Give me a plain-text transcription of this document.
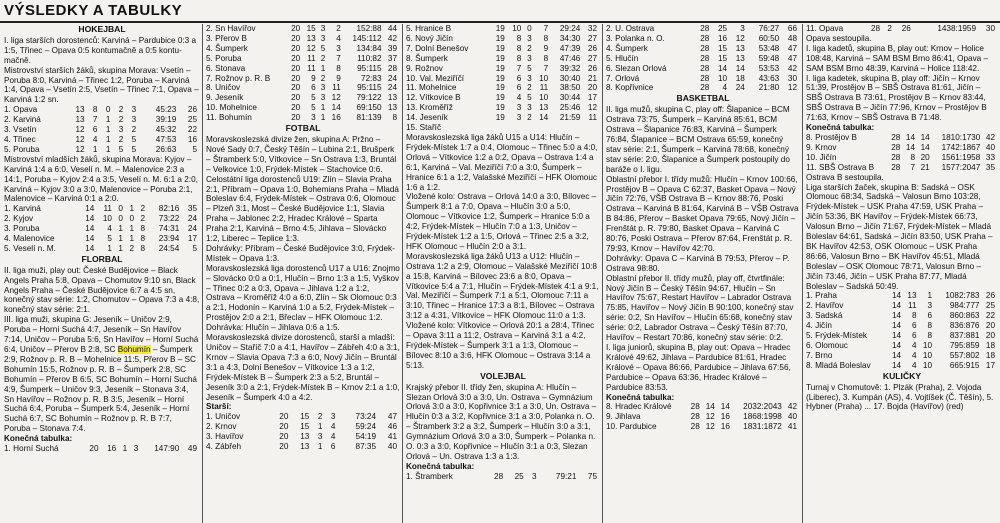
VÝSLEDKY A TABULKY

HOKEJBAL

I. liga starších dorostenců: Karviná – Pardubice 0:3 a 1:5, Třinec – Opava 0:5 kontumačně a 0:5 kontu-mačně.

Mistrovství starších žáků, skupina Morava: Vsetín – Poruba 8:0, Karviná – Třinec 1:2, Poruba – Karviná 1:4, Opava – Vsetín 2:5, Vsetín – Třinec 7:1, Opava – Karviná 1:2 sn.

1. Opava	13	8	0	2	3	45:23	26
2. Karviná	13	7	1	2	3	39:19	25
3. Vsetín	12	6	1	3	2	45:32	22
4. Třinec	12	4	1	2	5	47:53	16
5. Poruba	12	1	1	5	5	26:63	5

Mistrovství mladších žáků, skupina Morava: Kyjov – Karviná 1:4 a 6:0, Veselí n. M. – Malenovice 2:3 a 14:1, Poruba – Kyjov 2:4 a 3:5, Veselí n. M. 6:1 a 2:0, Karviná – Kyjov 3:0 a 3:0, Malenovice – Poruba 2:1, Malenovice – Karviná 0:1 a 2:0.

1. Karviná	14	11	0	1	2	82:16	35
2. Kyjov	14	10	0	0	2	73:22	24
3. Poruba	14	4	1	1	8	74:31	24
4. Malenovice	14	5	1	1	8	23:94	17
5. Veselí n. M.	14	1	1	2	8	24:54	5

FLORBAL

II. liga muži, play out: České Budějovice – Black Angels Praha 5:8, Opava – Chomutov 9:10 sn, Black Angels Praha – České Budějovice 6:7 a 4:5 sn, konečný stav série: 1:2, Chomutov – Opava 7:3 a 4:8, konečný stav série: 2:1.

III. liga muži, skupina G: Jeseník – Uničov 2:9, Poruba – Horní Suchá 4:7, Jeseník – Sn Havířov 7:14, Uničov – Poruba 5:6, Sn Havířov – Horní Suchá 6:4, Uničov – Přerov B 2:8, SC Bohumín – Šumperk 2:9, Rožnov p. R. B – Mohelnice 11:5, Přerov B – SC Bohumín 15:5, Rožnov p. R. B – Šumperk 2:8, SC Bohumín – Přerov B 6:5, SC Bohumín – Horní Suchá 4:9, Šumperk – Uničov 9:3, Jeseník – Stonava 3:4, Sn Havířov – Rožnov p. R. B 3:5, Jeseník – Horní Suchá 6:4, Poruba – Šumperk 5:4, Jeseník – Horní Suchá 6:7, SC Bohumín – Rožnov p. R. B 7:7, Poruba – Stonava 7:4.

Konečná tabulka:

1. Horní Suchá	20	16	1	3	147:90	49
2. Sn Havířov	20	15	3	2	152:88	44
3. Přerov B	20	13	3	4	145:112	42
4. Šumperk	20	12	5	3	134:84	39
5. Poruba	20	11	2	7	110:82	37
6. Stonava	20	11	1	8	95:115	28
7. Rožnov p. R. B	20	9	2	9	72:83	24
8. Uničov	20	6	3	11	95:115	24
9. Jeseník	20	5	3	12	79:122	13
10. Mohelnice	20	5	1	14	69:150	13
11. Bohumín	20	3	1	16	81:139	8

FOTBAL

Moravskoslezská divize žen, skupina A: Pržno – Nové Sady 0:7, Český Těšín – Lubina 2:1, Brušperk – Štramberk 5:0, Vítkovice – Sn Ostrava 1:3, Bruntál – Velkovice 1:0, Frýdek-Místek – Stachovice 0:6.

Celostátní liga dorostenců U19: Zlín – Slavia Praha 2:1, Příbram – Opava 1:0, Bohemians Praha – Mladá Boleslav 6:4, Frýdek-Místek – Ostrava 0:6, Olomouc – Plzeň 3:1, Most – České Budějovice 1:1, Slavia Praha – Jablonec 2:2, Hradec Králové – Sparta Praha 2:1, Karviná – Brno 4:5, Jihlava – Slovácko 1:2, Liberec – Teplice 1:3.

Dohrávky: Příbram – České Budějovice 3:0, Frýdek-Místek – Opava 1:3.

Moravskoslezská liga dorostenců U17 a U16: Znojmo – Slovácko 0:0 a 0:1, Hlučín – Brno 1:3 a 1:5, Vyškov – Třinec 0:2 a 0:3, Opava – Jihlava 1:2 a 1:2, Ostrava – Kroměříž 4:0 a 6:0, Zlín – Sk Olomouc 0:3 a 2:1, Hodonín – Karviná 1:0 a 5:2, Frýdek-Místek – Prostějov 2:0 a 2:1, Břeclav – HFK Olomouc 1:2.

Dohrávka: Hlučín – Jihlava 0:6 a 1:5.

Moravskoslezská divize dorostenců, starší a mladší: Uničov – Staříč 7:0 a 4:1, Havířov – Zábřeh 4:0 a 3:1, Krnov – Slavia Opava 7:3 a 6:0, Nový Jičín – Bruntál 3:1 a 4:3, Dolní Benešov – Vítkovice 1:3 a 1:2, Frýdek-Místek B – Šumperk 2:3 a 5:2, Bruntál – Jeseník 3:0 a 2:1, Frýdek-Místek B – Krnov 2:1 a 1:0, Jeseník – Šumperk 4:0 a 4:2.

Starší:

1. Uničov	20	15	2	3	73:24	47
2. Krnov	20	15	1	4	59:24	46
3. Havířov	20	13	3	4	54:19	41
4. Zábřeh	20	13	1	6	87:35	40
5. Hranice B	19	10	0	7	29:24	32
6. Nový Jičín	19	8	3	8	34:30	27
7. Dolní Benešov	19	8	2	9	47:39	26
8. Šumperk	19	8	3	8	47:46	27
9. Rožnov	19	7	5	7	39:32	26
10. Val. Meziříčí	19	6	3	10	30:40	21
11. Mohelnice	19	6	2	11	38:50	20
12. Vítkovice B	19	4	5	10	30:44	17
13. Kroměříž	19	3	3	13	25:46	12
14. Jeseník	19	3	2	14	21:59	11

15. Staříč

Moravskoslezská liga žáků U15 a U14: Hlučín – Frýdek-Místek 1:7 a 0:4, Olomouc – Třinec 5:0 a 4:0, Orlová – Vítkovice 1:2 a 0:2, Opava – Ostrava 1:4 a 6:1, Karviná – Val. Meziříčí 7:0 a 3:0, Šumperk – Hranice 6:1 a 1:2, Valašské Meziříčí – HFK Olomouc 1:6 a 1:2.

Vložené kolo: Ostrava – Orlová 14:0 a 3:0, Bílovec – Šumperk 8:1 a 7:0, Opava – Hlučín 3:0 a 5:0, Olomouc – Vítkovice 1:2, Šumperk – Hranice 5:0 a 4:2, Frýdek-Místek – Hlučín 7:0 a 1:3, Uničov – Frýdek-Místek 1:2 a 1:5, Orlová – Třinec 2:5 a 3:2, HFK Olomouc – Hlučín 2:0 a 3:1.

Moravskoslezská liga žáků U13 a U12: Hlučín – Ostrava 1:2 a 2:9, Olomouc – Valašské Meziříčí 10:8 a 15:8, Karviná – Bílovec 23:6 a 8:0, Opava – Vítkovice 5:4 a 7:1, Hlučín – Frýdek-Místek 4:1 a 9:1, Val. Meziříčí – Šumperk 7:1 a 5:1, Olomouc 7:11 a 3:10, Třinec – Hranice 17:3 a 8:1, Bílovec – Ostrava 3:12 a 4:31, Vítkovice – HFK Olomouc 11:0 a 1:3.

Vložené kolo: Vítkovice – Orlová 20:1 a 28:4, Třinec – Opava 3:11 a 11:2, Ostrava – Karviná 3:1 a 4:2, Frýdek-Místek – Šumperk 3:1 a 1:3, Olomouc – Bílovec 8:10 a 3:6, HFK Olomouc – Ostrava 3:14 a 5:13.

VOLEJBAL

Krajský přebor II. třídy žen, skupina A: Hlučín – Slezan Orlová 3:0 a 3:0, Un. Ostrava – Gymnázium Orlová 3:0 a 3:0, Kopřivnice 3:1 a 3:0, Un. Ostrava – Hlučín 0:3 a 3:2, Kopřivnice 3:1 a 3:0, Polanka n. O. – Štramberk 3:2 a 3:2, Šumperk – Hlučín 3:0 a 3:1, Gymnázium Orlová 3:0 a 3:0, Šumperk – Polanka n. O. 0:3 a 3:0, Kopřivnice – Hlučín 3:1 a 0:3, Slezan Orlová – Un. Ostrava 1:3 a 1:3.

Konečná tabulka:

1. Štramberk	28	25	3	79:21	75
2. U. Ostrava	28	25	3	76:27	66
3. Polanka n. O.	28	16	12	60:50	48
4. Šumperk	28	15	13	53:48	47
5. Hlučín	28	15	13	59:48	47
6. Slezan Orlová	28	14	14	53:53	42
7. Orlová	28	10	18	43:63	30
8. Kopřivnice	28	4	24	21:80	12

BASKETBAL

II. liga mužů, skupina C, play off: Šlapanice – BCM Ostrava 73:75, Šumperk – Karviná 85:61, BCM Ostrava – Šlapanice 76:83, Karviná – Šumperk 76:84, Šlapanice – BCM Ostrava 65:59, konečný stav série: 2:1, Šumperk – Karviná 78:68, konečný stav série: 2:0, Šlapanice a Šumperk postoupily do baráže o I. ligu.

Oblastní přebor I. třídy mužů: Hlučín – Krnov 100:66, Prostějov B – Opava C 62:37, Basket Opava – Nový Jičín 72:76, VŠB Ostrava B – Krnov 88:76, Poski Ostrava – Karviná B 81:64, Karviná B – VŠB Ostrava B 84:86, Přerov – Basket Opava 79:65, Nový Jičín – Frenštát p. R. 79:80, Basket Opava – Karviná C 80:76, Poski Ostrava – Přerov 87:64, Frenštát p. R. 79:93, Krnov – Havířov 42:70.

Dohrávky: Opava C – Karviná B 79:53, Přerov – P. Ostrava 98:80.

Oblastní přebor II. třídy mužů, play off, čtvrtfinále: Nový Jičín B – Český Těšín 94:67, Hlučín – Sn Havířov 75:67, Restart Havířov – Labrador Ostrava 75:85, Havířov – Nový Jičín B 90:100, konečný stav série: 0:2, Sn Havířov – Hlučín 65:68, konečný stav série: 0:2, Labrador Ostrava – Český Těšín 87:70, Havířov – Restart 70:86, konečný stav série: 0:2.

I. liga juniorů, skupina B, play out: Opava – Hradec Králové 49:62, Jihlava – Pardubice 81:61, Hradec Králové – Opava 86:66, Pardubice – Jihlava 67:56, Pardubice – Opava 63:36, Hradec Králové – Pardubice 83:53.

Konečná tabulka:

8. Hradec Králové	28	14	14	2032:2043	42
9. Jihlava	28	12	16	1868:1998	40
10. Pardubice	28	12	16	1831:1872	41
11. Opava	28	2	26	1438:1959	30

Opava sestoupila.

I. liga kadetů, skupina B, play out: Krnov – Holice 108:48, Karviná – SAM BSM Brno 86:41, Opava – SAM BSM Brno 48:39, Karviná – Holice 118:42.

I. liga kadetek, skupina B, play off: Jičín – Krnov 51:39, Prostějov B – SBŠ Ostrava 81:61, Jičín – SBŠ Ostrava B 73:61, Prostějov B – Krnov 83:44, SBŠ Ostrava B – Jičín 77:96, Krnov – Prostějov B 71:63, Krnov – SBŠ Ostrava B 71:48.

Konečná tabulka:

8. Prostějov B	28	14	14	1810:1730	42
9. Krnov	28	14	14	1742:1867	40
10. Jičín	28	8	20	1561:1958	33
11. SBŠ Ostrava B	28	7	21	1577:2047	35

Ostrava B sestoupila.

Liga starších žaček, skupina B: Sadská – OSK Olomouc 68:34, Sadská – Valosun Brno 103:28, Frýdek-Místek – USK Praha 47:59, USK Praha – Jičín 53:36, BK Havířov – Frýdek-Místek 66:73, Valosun Brno – Jičín 71:67, Frýdek-Místek – Mladá Boleslav 64:61, Sadská – Jičín 83:50, USK Praha – BK Havířov 42:53, OSK Olomouc – USK Praha 86:66, Valosun Brno – BK Havířov 45:51, Mladá Boleslav – OSK Olomouc 78:71, Valosun Brno – Jičín 73:46, Jičín – USK Praha 87:77, Mladá Boleslav – Sadská 50:49.

1. Praha	14	13	1	1082:783	26
2. Havířov	14	11	3	984:777	25
3. Sadská	14	8	6	860:863	22
4. Jičín	14	6	8	836:876	20
5. Frýdek-Místek	14	6	8	837:881	20
6. Olomouc	14	4	10	795:859	18
7. Brno	14	4	10	557:802	18
8. Mladá Boleslav	14	4	10	665:915	17

KULIČKY

Turnaj v Chomutově: 1. Plzák (Praha), 2. Vojoda (Liberec), 3. Kumpán (AS), 4. Vojtíšek (Č. Těšín), 5. Hybner (Praha) ... 17. Bojda (Havířov) (red)
